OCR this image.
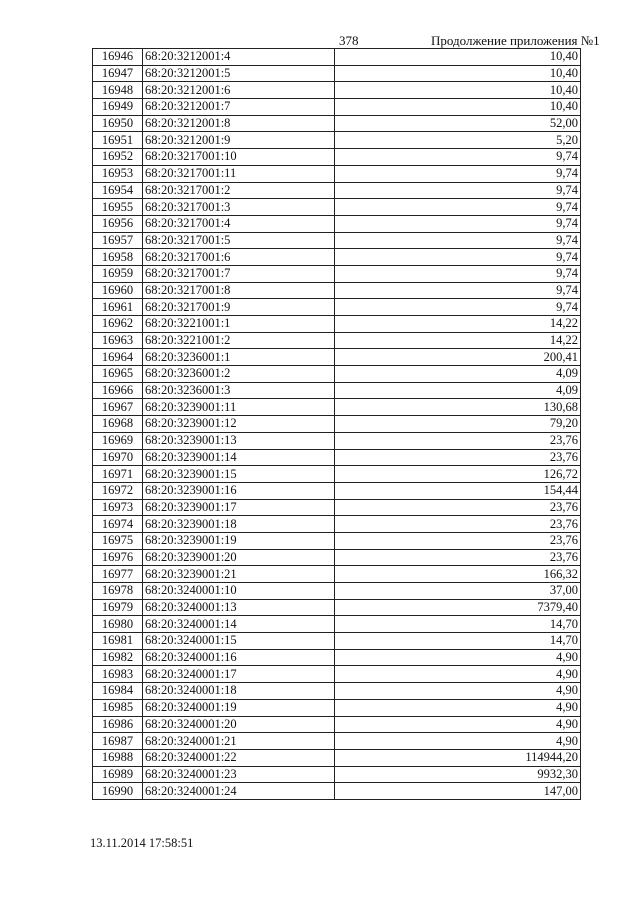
378	Продолжение приложения №1
16946	68:20:3212001:4	10,40
16947	68:20:3212001:5	10,40
16948	68:20:3212001:6	10,40
16949	68:20:3212001:7	10,40
16950	68:20:3212001:8	52,00
16951	68:20:3212001:9	5,20
16952	68:20:3217001:10	9,74
16953	68:20:3217001:11	9,74
16954	68:20:3217001:2	9,74
16955	68:20:3217001:3	9,74
16956	68:20:3217001:4	9,74
16957	68:20:3217001:5	9,74
16958	68:20:3217001:6	9,74
16959	68:20:3217001:7	9,74
16960	68:20:3217001:8	9,74
16961	68:20:3217001:9	9,74
16962	68:20:3221001:1	14,22
16963	68:20:3221001:2	14,22
16964	68:20:3236001:1	200,41
16965	68:20:3236001:2	4,09
16966	68:20:3236001:3	4,09
16967	68:20:3239001:11	130,68
16968	68:20:3239001:12	79,20
16969	68:20:3239001:13	23,76
16970	68:20:3239001:14	23,76
16971	68:20:3239001:15	126,72
16972	68:20:3239001:16	154,44
16973	68:20:3239001:17	23,76
16974	68:20:3239001:18	23,76
16975	68:20:3239001:19	23,76
16976	68:20:3239001:20	23,76
16977	68:20:3239001:21	166,32
16978	68:20:3240001:10	37,00
16979	68:20:3240001:13	7379,40
16980	68:20:3240001:14	14,70
16981	68:20:3240001:15	14,70
16982	68:20:3240001:16	4,90
16983	68:20:3240001:17	4,90
16984	68:20:3240001:18	4,90
16985	68:20:3240001:19	4,90
16986	68:20:3240001:20	4,90
16987	68:20:3240001:21	4,90
16988	68:20:3240001:22	114944,20
16989	68:20:3240001:23	9932,30
16990	68:20:3240001:24	147,00
13.11.2014 17:58:51
